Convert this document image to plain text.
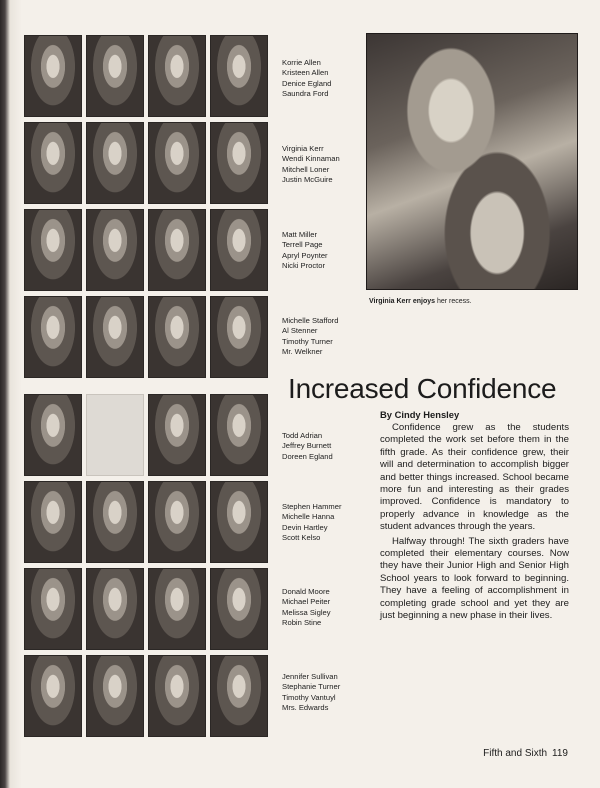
Korrie Allen
Kristeen Allen
Denice Egland
Saundra Ford
Virginia Kerr
Wendi Kinnaman
Mitchell Loner
Justin McGuire
Matt Miller
Terrell Page
Apryl Poynter
Nicki Proctor
Michelle Stafford
Al Stenner
Timothy Turner
Mr. Welkner
Todd Adrian
Jeffrey Burnett
Doreen Egland
Stephen Hammer
Michelle Hanna
Devin Hartley
Scott Kelso
Donald Moore
Michael Peiter
Melissa Sigley
Robin Stine
Jennifer Sullivan
Stephanie Turner
Timothy Vantuyl
Mrs. Edwards
Virginia Kerr enjoys her recess.
Increased Confidence
By Cindy Hensley

Confidence grew as the students completed the work set before them in the fifth grade. As their confidence grew, their will and determination to accomplish bigger and better things increased. School became more fun and interesting as their grades improved. Confidence is mandatory to properly advance in knowledge as the student advances through the years.

Halfway through! The sixth graders have completed their elementary courses. Now they have their Junior High and Senior High School years to look forward to beginning. They have a feeling of accomplishment in completing grade school and yet they are just beginning a new phase in their lives.

Fifth and Sixth 119
